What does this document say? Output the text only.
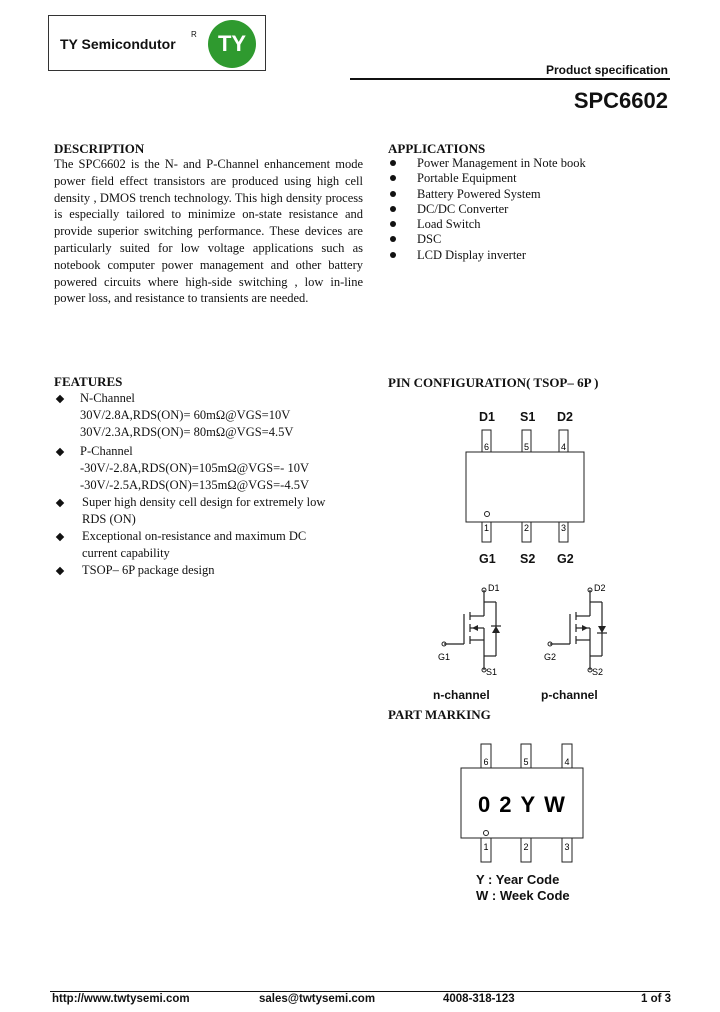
TY Semicondutor
R TY
Product specification
SPC6602
DESCRIPTION
The SPC6602 is the N- and P-Channel enhancement mode power field effect transistors are produced using high cell density , DMOS trench technology. This high density process is especially tailored to minimize on-state resistance and provide superior switching performance. These devices are particularly suited for low voltage applications such as notebook computer power management and other battery powered circuits where high-side switching , low in-line power loss, and resistance to transients are needed.
APPLICATIONS
Power Management in Note book
Portable Equipment
Battery Powered System
DC/DC Converter
Load Switch
DSC
LCD Display inverter
FEATURES
N-Channel
30V/2.8A,RDS(ON)= 60mΩ@VGS=10V
30V/2.3A,RDS(ON)= 80mΩ@VGS=4.5V
P-Channel
-30V/-2.8A,RDS(ON)=105mΩ@VGS=- 10V
-30V/-2.5A,RDS(ON)=135mΩ@VGS=-4.5V
Super high density cell design for extremely low
RDS (ON)
Exceptional on-resistance and maximum DC
current capability
TSOP– 6P package design
PIN CONFIGURATION( TSOP– 6P )
D1 S1 D2
6	5	4
1	2	3
G1 S2 G2
D1
G1
S1
D2
G2
S2
n-channel	p-channel
PART MARKING
6	5	4
02YW
1	2	3
Y : Year Code
W : Week Code
http://www.twtysemi.com	sales@twtysemi.com	4008-318-123	1 of 3
